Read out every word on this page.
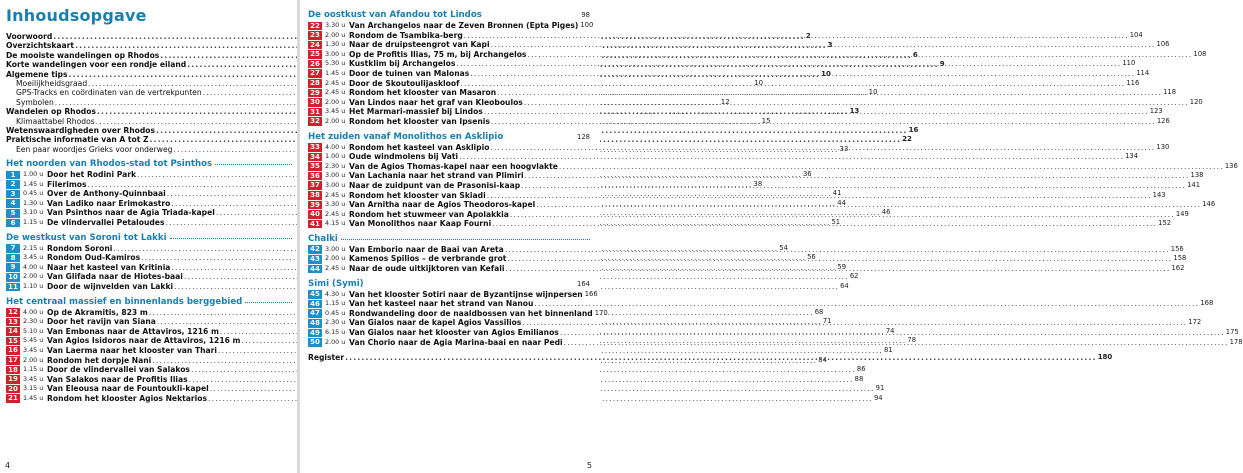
Inhoudsopgave
Voorwoord .....	2
Overzichtskaart .....	3
De mooiste wandelingen op Rhodos .....	6
Korte wandelingen voor een rondje eiland .....	9
Algemene tips .....	10
Moeilijkheidsgraad .....	10
GPS-Tracks en coördinaten van de vertrekpunten .....	10
Symbolen .....	12
Wandelen op Rhodos .....	13
Klimaattabel Rhodos .....	15
Wetenswaardigheden over Rhodos .....	16
Praktische informatie van A tot Z .....	22
Een paar woordjes Grieks voor onderweg .....	33
Het noorden van Rhodos-stad tot Psinthos
1	1.00 u Door het Rodini Park .....	36
2	1.45 u Filerimos .....	38
3	0.45 u Over de Anthony-Quinnbaai .....	41
4	1.30 u Van Ladiko naar Erimokastro .....	44
5	3.10 u Van Psinthos naar de Agia Triada-kapel .....	46
6	1.15 u De vlindervallei Petaloudes .....	51
De westkust van Soroni tot Lakki
7	2.15 u Rondom Soroni .....	54
8	3.45 u Rondom Oud-Kamiros .....	56
9	4.00 u Naar het kasteel van Kritinia .....	59
10 2.00 u Van Glifada naar de Hiotes-baai .....	62
11 1.10 u Door de wijnvelden van Lakki .....	64
Het centraal massief en binnenlands berggebied
12 4.00 u Op de Akramitis, 823 m .....	68
13 2.30 u Door het ravijn van Siana .....	71
14 5.10 u Van Embonas naar de Attaviros, 1216 m .....	74
15 5.45 u Van Agios Isidoros naar de Attaviros, 1216 m .....	78
16 3.45 u Van Laerma naar het klooster van Thari .....	81
17 2.00 u Rondom het dorpje Nani .....	84
18 1.15 u Door de vlindervallei van Salakos .....	86
19 3.45 u Van Salakos naar de Profitis Ilias .....	88
20 3.15 u Van Eleousa naar de Fountoukli-kapel .....	91
21 1.45 u Rondom het klooster Agios Nektarios .....	94
4
De oostkust van Afandou tot Lindos	98
22 3.30 u Van Archangelos naar de Zeven Bronnen (Epta Piges) 100
23 2.00 u Rondom de Tsambika-berg .....	104
24 1.30 u Naar de druipsteengrot van Kapi .....	106
25 3.00 u Op de Profitis Ilias, 75 m, bij Archangelos .....	108
26 5.30 u Kustklim bij Archangelos .....	110
27 1.45 u Door de tuinen van Malonas .....	114
28 2.45 u Door de Skoutoulijaskloof .....	116
29 2.45 u Rondom het klooster van Masaron .....	118
30 2.00 u Van Lindos naar het graf van Kleoboulos .....	120
31 3.45 u Het Marmari-massief bij Lindos .....	123
32 2.00 u Rondom het klooster van Ipsenis .....	126
Het zuiden vanaf Monolithos en Asklipio	128
33 4.00 u Rondom het kasteel van Asklipio .....	130
34 1.00 u Oude windmolens bij Vati .....	134
35 2.30 u Van de Agios Thomas-kapel naar een hoogvlakte .....	136
36 3.00 u Van Lachania naar het strand van Plimiri .....	138
37 3.00 u Naar de zuidpunt van de Prasonisi-kaap .....	141
38 2.45 u Rondom het klooster van Skiadi .....	143
39 3.30 u Van Arnitha naar de Agios Theodoros-kapel .....	146
40 2.45 u Rondom het stuwmeer van Apolakkia .....	149
41 4.15 u Van Monolithos naar Kaap Fourni .....	152
Chalki
42 3.00 u Van Emborio naar de Baai van Areta .....	156
43 2.00 u Kamenos Spilios – de verbrande grot .....	158
44 2.45 u Naar de oude uitkijktoren van Kefali .....	162
Simi (Symi)	164
45 4.30 u Van het klooster Sotiri naar de Byzantijnse wijnpersen 166
46 1.15 u Van het kasteel naar het strand van Nanou .....	168
47 0.45 u Rondwandeling door de naaldbossen van het binnenland 170
48 2.30 u Van Gialos naar de kapel Agios Vassilios .....	172
49 6.15 u Van Gialos naar het klooster van Agios Emilianos .....	175
50 2.00 u Van Chorio naar de Agia Marina-baai en naar Pedi .....	178
Register .....	180
5
